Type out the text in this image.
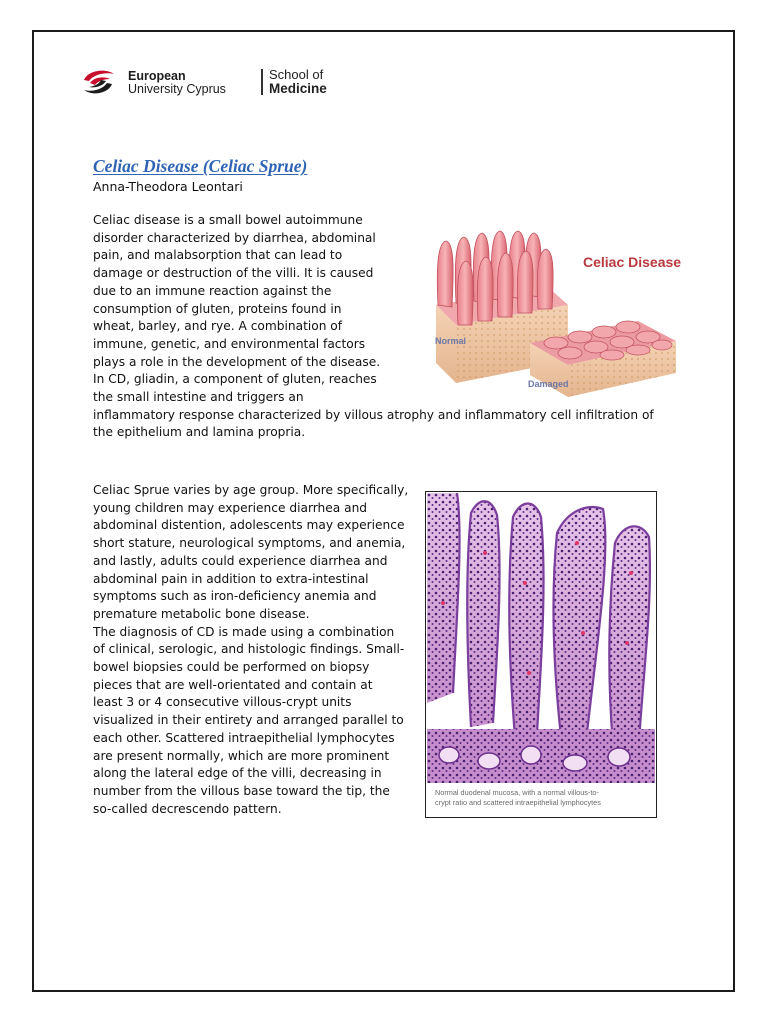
European
University Cyprus
School of
Medicine
Celiac Disease (Celiac Sprue)
Anna-Theodora Leontari
Celiac disease is a small bowel autoimmune
disorder characterized by diarrhea, abdominal
pain, and malabsorption that can lead to
damage or destruction of the villi. It is caused
due to an immune reaction against the
consumption of gluten, proteins found in
wheat, barley, and rye. A combination of
immune, genetic, and environmental factors
plays a role in the development of the disease.
In CD, gliadin, a component of gluten, reaches
the small intestine and triggers an
inflammatory response characterized by villous atrophy and inflammatory cell infiltration of
the epithelium and lamina propria.
Celiac Disease
Normal
Damaged
Celiac Sprue varies by age group. More specifically,
young children may experience diarrhea and
abdominal distention, adolescents may experience
short stature, neurological symptoms, and anemia,
and lastly, adults could experience diarrhea and
abdominal pain in addition to extra-intestinal
symptoms such as iron-deficiency anemia and
premature metabolic bone disease.
The diagnosis of CD is made using a combination
of clinical, serologic, and histologic findings. Small-
bowel biopsies could be performed on biopsy
pieces that are well-orientated and contain at
least 3 or 4 consecutive villous-crypt units
visualized in their entirety and arranged parallel to
each other. Scattered intraepithelial lymphocytes
are present normally, which are more prominent
along the lateral edge of the villi, decreasing in
number from the villous base toward the tip, the
so-called decrescendo pattern.
Normal duodenal mucosa, with a normal villous-to-
crypt ratio and scattered intraepithelial lymphocytes
